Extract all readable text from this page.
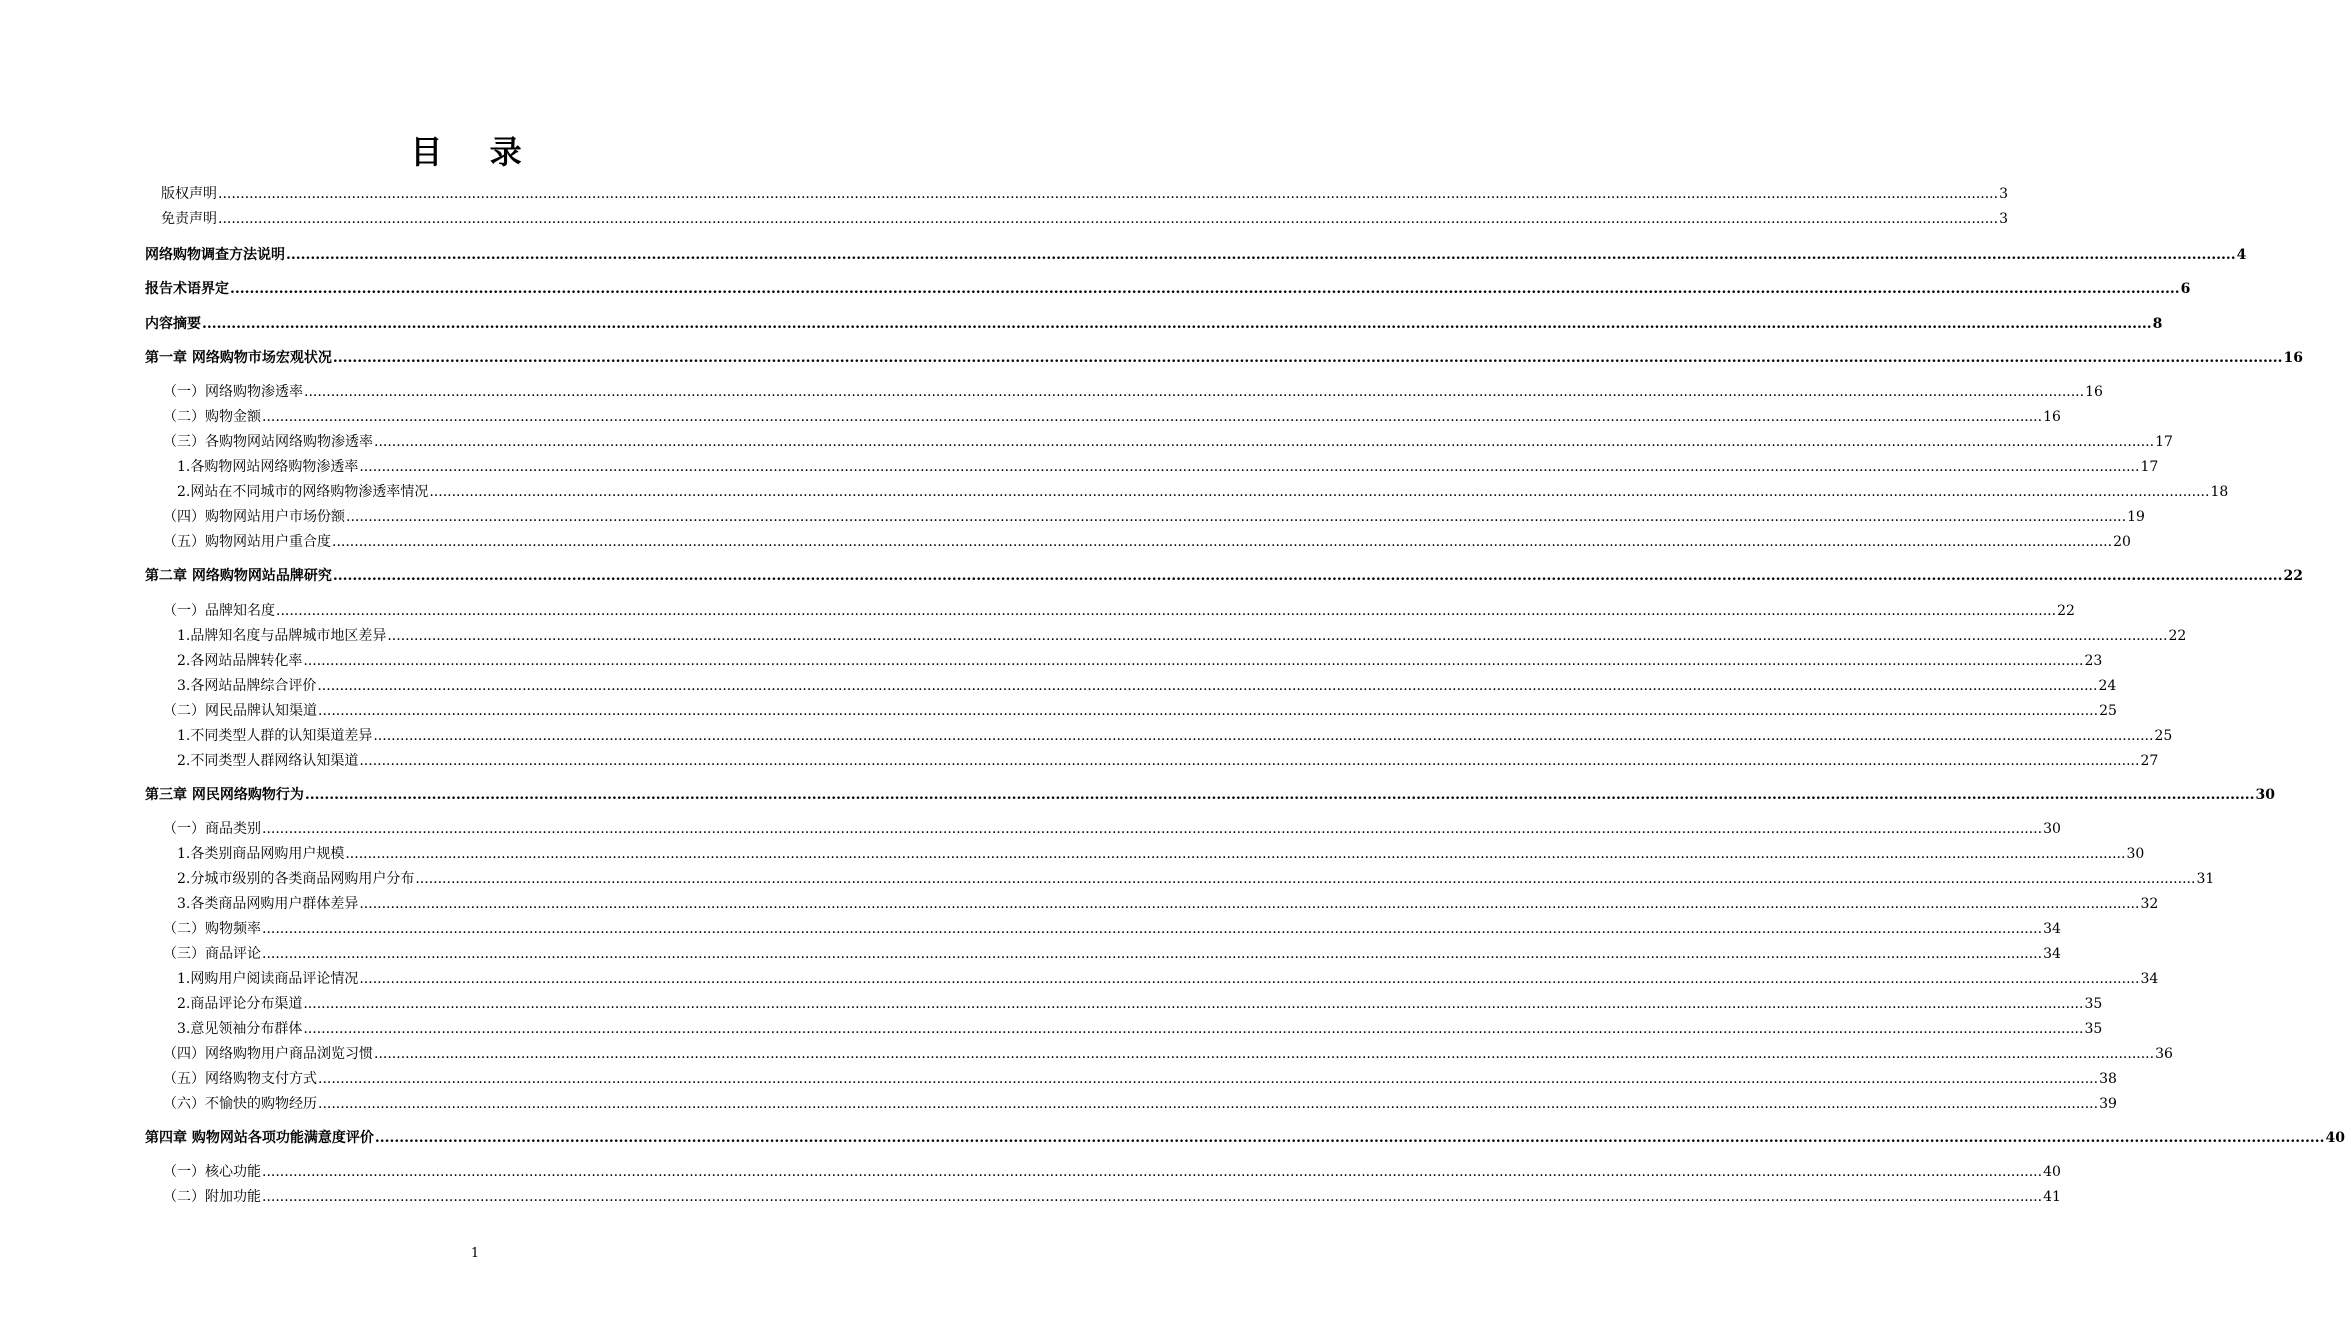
目 录
版权声明 ................................................................................................................................................................................................................................................................................................................................................................................................................ 3
免责声明 ................................................................................................................................................................................................................................................................................................................................................................................................................ 3
网络购物调查方法说明 ................................................................................................................................................................................................................................................................................................................................................................................................................ 4
报告术语界定 ................................................................................................................................................................................................................................................................................................................................................................................................................ 6
内容摘要 ................................................................................................................................................................................................................................................................................................................................................................................................................ 8
第一章 网络购物市场宏观状况 ................................................................................................................................................................................................................................................................................................................................................................................................................ 16
（一）网络购物渗透率 ................................................................................................................................................................................................................................................................................................................................................................................................................ 16
（二）购物金额 ................................................................................................................................................................................................................................................................................................................................................................................................................ 16
（三）各购物网站网络购物渗透率 ................................................................................................................................................................................................................................................................................................................................................................................................................ 17
1.各购物网站网络购物渗透率 ................................................................................................................................................................................................................................................................................................................................................................................................................ 17
2.网站在不同城市的网络购物渗透率情况 ................................................................................................................................................................................................................................................................................................................................................................................................................ 18
（四）购物网站用户市场份额 ................................................................................................................................................................................................................................................................................................................................................................................................................ 19
（五）购物网站用户重合度 ................................................................................................................................................................................................................................................................................................................................................................................................................ 20
第二章 网络购物网站品牌研究 ................................................................................................................................................................................................................................................................................................................................................................................................................ 22
（一）品牌知名度 ................................................................................................................................................................................................................................................................................................................................................................................................................ 22
1.品牌知名度与品牌城市地区差异 ................................................................................................................................................................................................................................................................................................................................................................................................................ 22
2.各网站品牌转化率 ................................................................................................................................................................................................................................................................................................................................................................................................................ 23
3.各网站品牌综合评价 ................................................................................................................................................................................................................................................................................................................................................................................................................ 24
（二）网民品牌认知渠道 ................................................................................................................................................................................................................................................................................................................................................................................................................ 25
1.不同类型人群的认知渠道差异 ................................................................................................................................................................................................................................................................................................................................................................................................................ 25
2.不同类型人群网络认知渠道 ................................................................................................................................................................................................................................................................................................................................................................................................................ 27
第三章 网民网络购物行为 ................................................................................................................................................................................................................................................................................................................................................................................................................ 30
（一）商品类别 ................................................................................................................................................................................................................................................................................................................................................................................................................ 30
1.各类别商品网购用户规模 ................................................................................................................................................................................................................................................................................................................................................................................................................ 30
2.分城市级别的各类商品网购用户分布 ................................................................................................................................................................................................................................................................................................................................................................................................................ 31
3.各类商品网购用户群体差异 ................................................................................................................................................................................................................................................................................................................................................................................................................ 32
（二）购物频率 ................................................................................................................................................................................................................................................................................................................................................................................................................ 34
（三）商品评论 ................................................................................................................................................................................................................................................................................................................................................................................................................ 34
1.网购用户阅读商品评论情况 ................................................................................................................................................................................................................................................................................................................................................................................................................ 34
2.商品评论分布渠道 ................................................................................................................................................................................................................................................................................................................................................................................................................ 35
3.意见领袖分布群体 ................................................................................................................................................................................................................................................................................................................................................................................................................ 35
（四）网络购物用户商品浏览习惯 ................................................................................................................................................................................................................................................................................................................................................................................................................ 36
（五）网络购物支付方式 ................................................................................................................................................................................................................................................................................................................................................................................................................ 38
（六）不愉快的购物经历 ................................................................................................................................................................................................................................................................................................................................................................................................................ 39
第四章 购物网站各项功能满意度评价 ................................................................................................................................................................................................................................................................................................................................................................................................................ 40
（一）核心功能 ................................................................................................................................................................................................................................................................................................................................................................................................................ 40
（二）附加功能 ................................................................................................................................................................................................................................................................................................................................................................................................................ 41
1
